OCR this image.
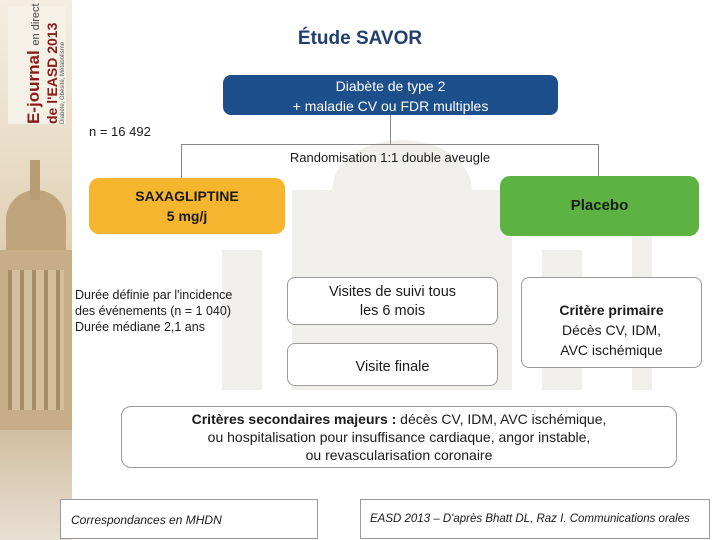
E-journal en direct de l'EASD 2013 Diabète, Obésité, Métabolisme
Étude SAVOR
Diabète de type 2
+ maladie CV ou FDR multiples
n = 16 492
Randomisation 1:1 double aveugle
SAXAGLIPTINE
5 mg/j
Placebo
Durée définie par l'incidence
des événements (n = 1 040)
Durée médiane 2,1 ans
Visites de suivi tous
les 6 mois
Visite finale
Critère primaire
Décès CV, IDM,
AVC ischémique
Critères secondaires majeurs : décès CV, IDM, AVC ischémique,
ou hospitalisation pour insuffisance cardiaque, angor instable,
ou revascularisation coronaire
Correspondances en MHDN	EASD 2013 – D'après Bhatt DL, Raz I. Communications orales
